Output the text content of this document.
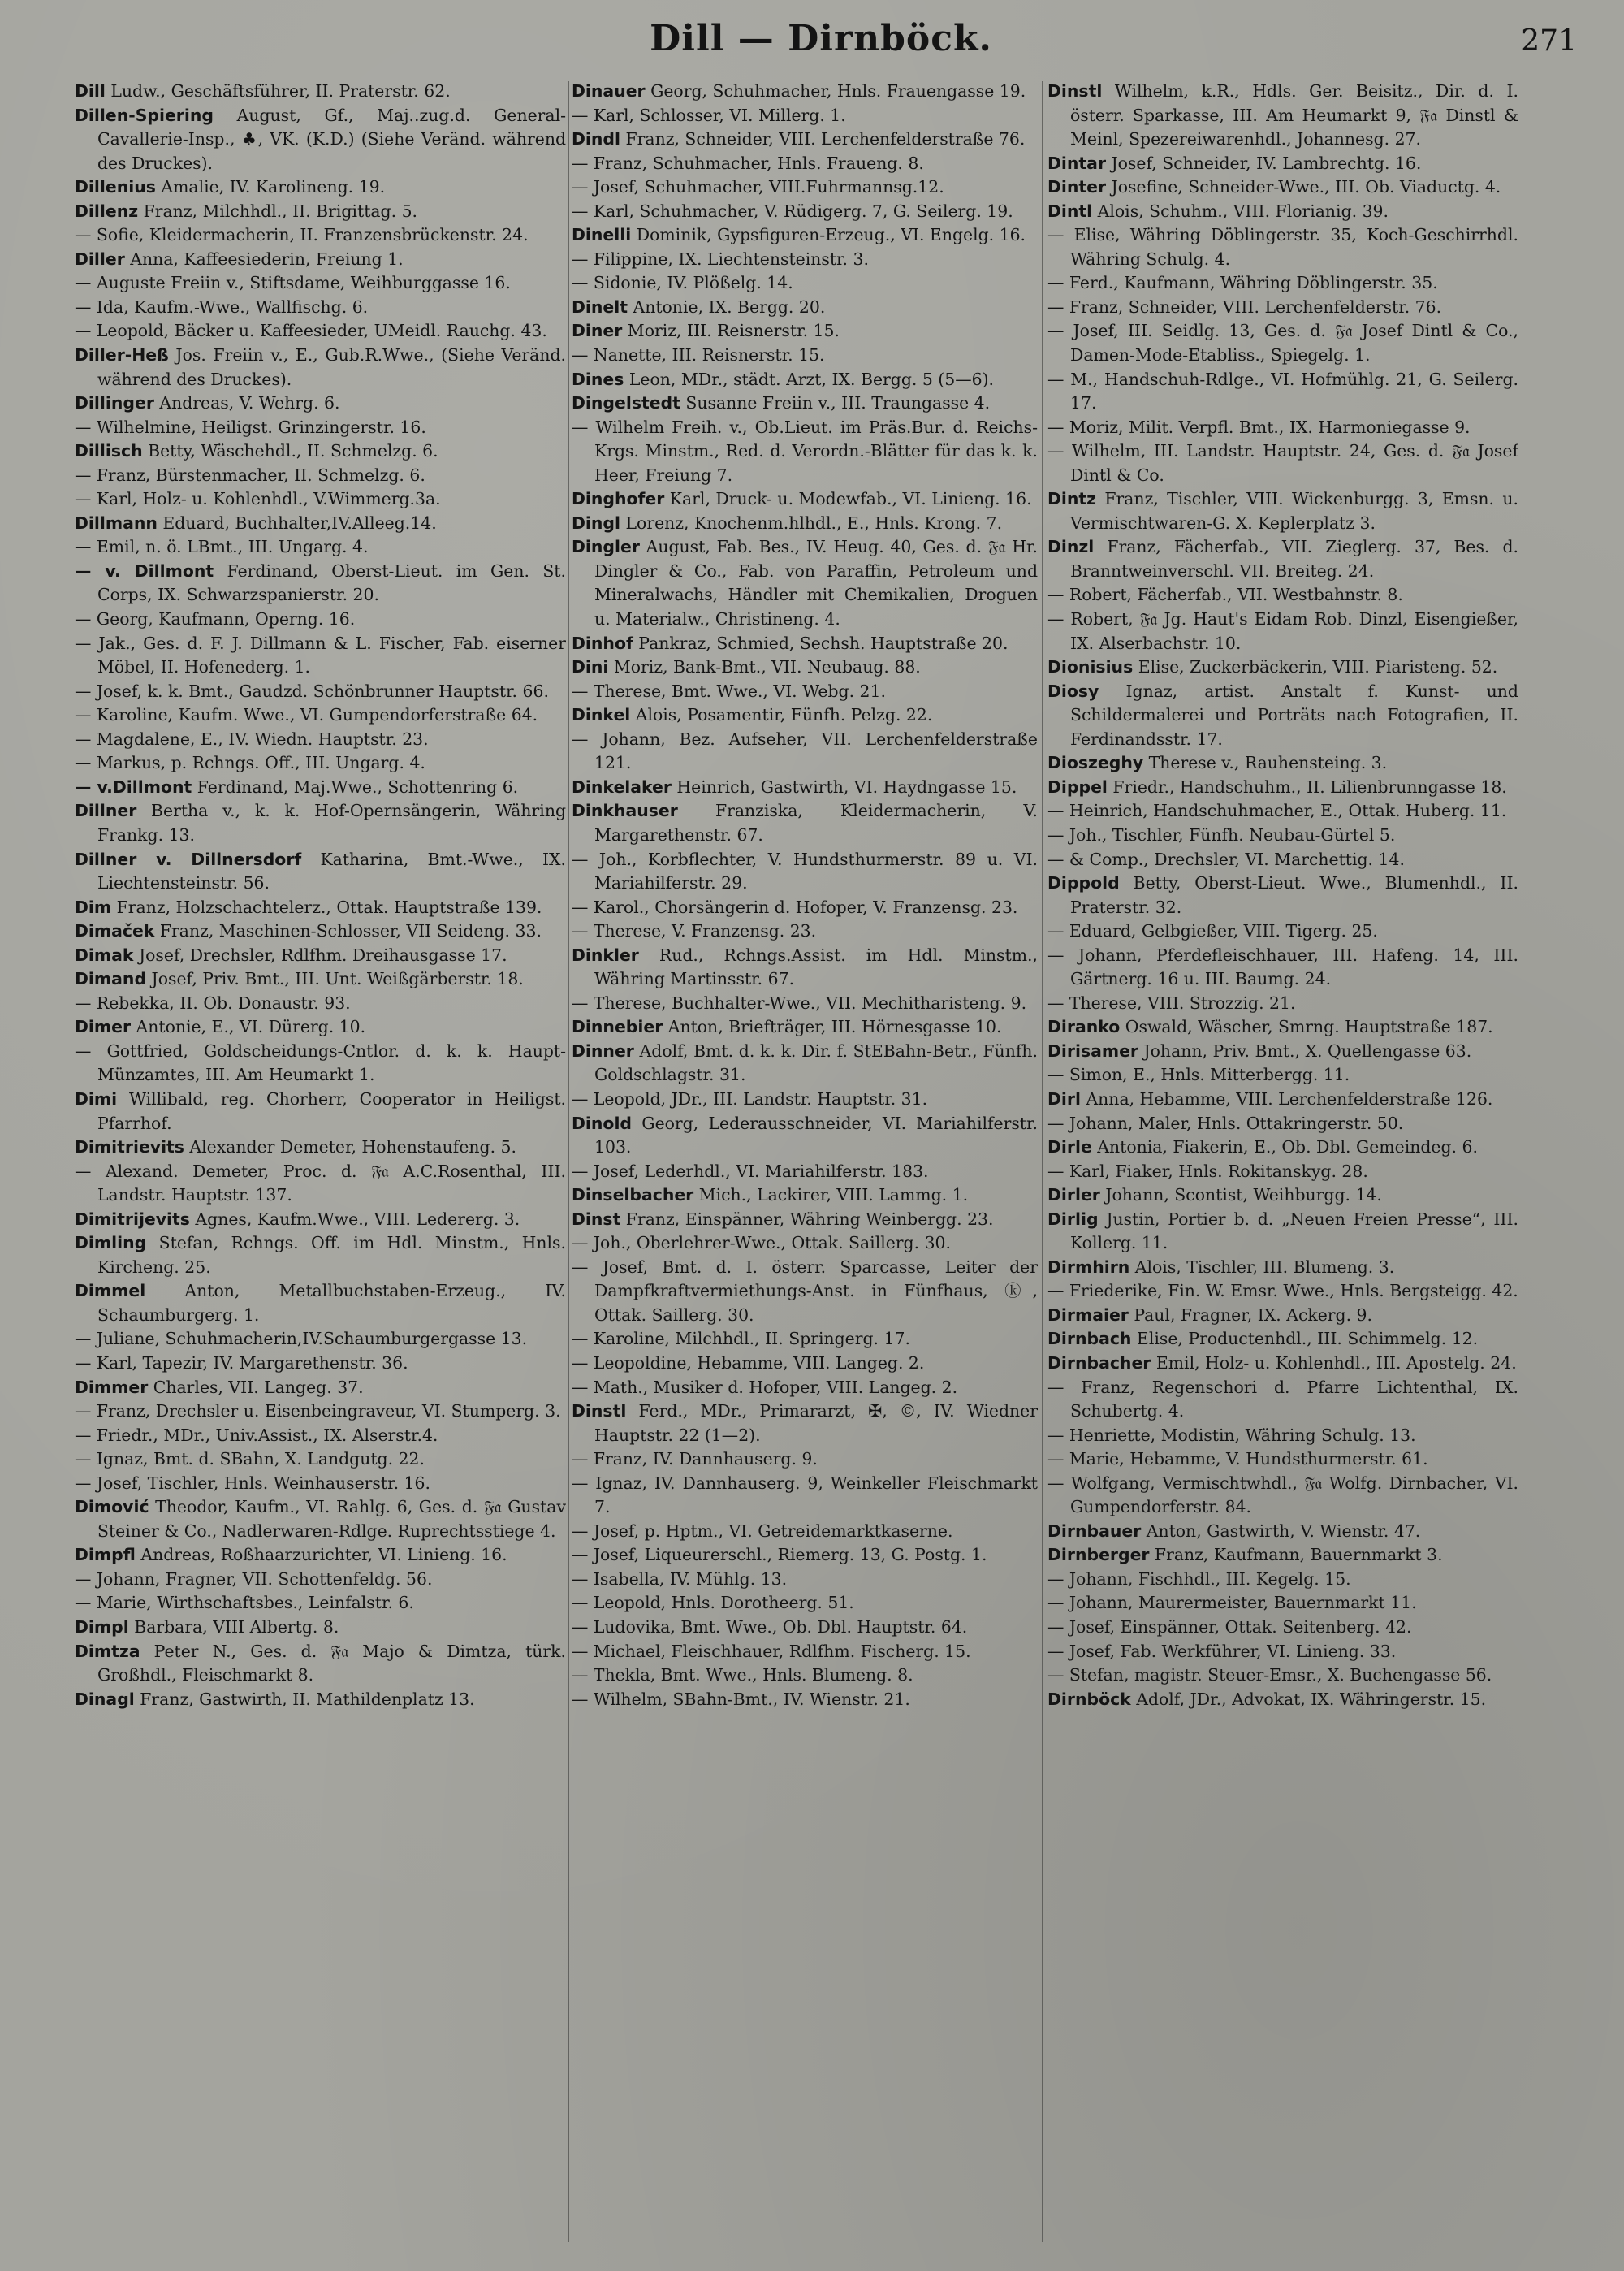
Dill — Dirnböck.	271
Dill Ludw., Geschäftsführer, II. Praterstr. 62.
Dillen-Spiering August, Gf., Maj..zug.d. General-Cavallerie-Insp., ♣, VK. (K.D.) (Siehe Veränd. während des Druckes).
Dillenius Amalie, IV. Karolineng. 19.
Dillenz Franz, Milchhdl., II. Brigittag. 5.
— Sofie, Kleidermacherin, II. Franzensbrückenstr. 24.
Diller Anna, Kaffeesiederin, Freiung 1.
— Auguste Freiin v., Stiftsdame, Weihburggasse 16.
— Ida, Kaufm.-Wwe., Wallfischg. 6.
— Leopold, Bäcker u. Kaffeesieder, UMeidl. Rauchg. 43.
Diller-Heß Jos. Freiin v., E., Gub.R.Wwe., (Siehe Veränd. während des Druckes).
Dillinger Andreas, V. Wehrg. 6.
— Wilhelmine, Heiligst. Grinzingerstr. 16.
Dillisch Betty, Wäschehdl., II. Schmelzg. 6.
— Franz, Bürstenmacher, II. Schmelzg. 6.
— Karl, Holz- u. Kohlenhdl., V.Wimmerg.3a.
Dillmann Eduard, Buchhalter,IV.Alleeg.14.
— Emil, n. ö. LBmt., III. Ungarg. 4.
— v. Dillmont Ferdinand, Oberst-Lieut. im Gen. St. Corps, IX. Schwarzspanierstr. 20.
— Georg, Kaufmann, Operng. 16.
— Jak., Ges. d. F. J. Dillmann & L. Fischer, Fab. eiserner Möbel, II. Hofenederg. 1.
— Josef, k. k. Bmt., Gaudzd. Schönbrunner Hauptstr. 66.
— Karoline, Kaufm. Wwe., VI. Gumpendorferstraße 64.
— Magdalene, E., IV. Wiedn. Hauptstr. 23.
— Markus, p. Rchngs. Off., III. Ungarg. 4.
— v.Dillmont Ferdinand, Maj.Wwe., Schottenring 6.
Dillner Bertha v., k. k. Hof-Opernsängerin, Währing Frankg. 13.
Dillner v. Dillnersdorf Katharina, Bmt.-Wwe., IX. Liechtensteinstr. 56.
Dim Franz, Holzschachtelerz., Ottak. Hauptstraße 139.
Dimaček Franz, Maschinen-Schlosser, VII Seideng. 33.
Dimak Josef, Drechsler, Rdlfhm. Dreihausgasse 17.
Dimand Josef, Priv. Bmt., III. Unt. Weißgärberstr. 18.
— Rebekka, II. Ob. Donaustr. 93.
Dimer Antonie, E., VI. Dürerg. 10.
— Gottfried, Goldscheidungs-Cntlor. d. k. k. Haupt-Münzamtes, III. Am Heumarkt 1.
Dimi Willibald, reg. Chorherr, Cooperator in Heiligst. Pfarrhof.
Dimitrievits Alexander Demeter, Hohenstaufeng. 5.
— Alexand. Demeter, Proc. d. 𝔉𝔞 A.C.Rosenthal, III. Landstr. Hauptstr. 137.
Dimitrijevits Agnes, Kaufm.Wwe., VIII. Ledererg. 3.
Dimling Stefan, Rchngs. Off. im Hdl. Minstm., Hnls. Kircheng. 25.
Dimmel Anton, Metallbuchstaben-Erzeug., IV. Schaumburgerg. 1.
— Juliane, Schuhmacherin,IV.Schaumburgergasse 13.
— Karl, Tapezir, IV. Margarethenstr. 36.
Dimmer Charles, VII. Langeg. 37.
— Franz, Drechsler u. Eisenbeingraveur, VI. Stumperg. 3.
— Friedr., MDr., Univ.Assist., IX. Alserstr.4.
— Ignaz, Bmt. d. SBahn, X. Landgutg. 22.
— Josef, Tischler, Hnls. Weinhauserstr. 16.
Dimović Theodor, Kaufm., VI. Rahlg. 6, Ges. d. 𝔉𝔞 Gustav Steiner & Co., Nadlerwaren-Rdlge. Ruprechtsstiege 4.
Dimpfl Andreas, Roßhaarzurichter, VI. Linieng. 16.
— Johann, Fragner, VII. Schottenfeldg. 56.
— Marie, Wirthschaftsbes., Leinfalstr. 6.
Dimpl Barbara, VIII Albertg. 8.
Dimtza Peter N., Ges. d. 𝔉𝔞 Majo & Dimtza, türk. Großhdl., Fleischmarkt 8.
Dinagl Franz, Gastwirth, II. Mathildenplatz 13.
Dinauer Georg, Schuhmacher, Hnls. Frauengasse 19.
— Karl, Schlosser, VI. Millerg. 1.
Dindl Franz, Schneider, VIII. Lerchenfelderstraße 76.
— Franz, Schuhmacher, Hnls. Fraueng. 8.
— Josef, Schuhmacher, VIII.Fuhrmannsg.12.
— Karl, Schuhmacher, V. Rüdigerg. 7, G. Seilerg. 19.
Dinelli Dominik, Gypsfiguren-Erzeug., VI. Engelg. 16.
— Filippine, IX. Liechtensteinstr. 3.
— Sidonie, IV. Plößelg. 14.
Dinelt Antonie, IX. Bergg. 20.
Diner Moriz, III. Reisnerstr. 15.
— Nanette, III. Reisnerstr. 15.
Dines Leon, MDr., städt. Arzt, IX. Bergg. 5 (5—6).
Dingelstedt Susanne Freiin v., III. Traungasse 4.
— Wilhelm Freih. v., Ob.Lieut. im Präs.Bur. d. Reichs-Krgs. Minstm., Red. d. Verordn.-Blätter für das k. k. Heer, Freiung 7.
Dinghofer Karl, Druck- u. Modewfab., VI. Linieng. 16.
Dingl Lorenz, Knochenm.hlhdl., E., Hnls. Krong. 7.
Dingler August, Fab. Bes., IV. Heug. 40, Ges. d. 𝔉𝔞 Hr. Dingler & Co., Fab. von Paraffin, Petroleum und Mineralwachs, Händler mit Chemikalien, Droguen u. Materialw., Christineng. 4.
Dinhof Pankraz, Schmied, Sechsh. Hauptstraße 20.
Dini Moriz, Bank-Bmt., VII. Neubaug. 88.
— Therese, Bmt. Wwe., VI. Webg. 21.
Dinkel Alois, Posamentir, Fünfh. Pelzg. 22.
— Johann, Bez. Aufseher, VII. Lerchenfelderstraße 121.
Dinkelaker Heinrich, Gastwirth, VI. Haydngasse 15.
Dinkhauser Franziska, Kleidermacherin, V. Margarethenstr. 67.
— Joh., Korbflechter, V. Hundsthurmerstr. 89 u. VI. Mariahilferstr. 29.
— Karol., Chorsängerin d. Hofoper, V. Franzensg. 23.
— Therese, V. Franzensg. 23.
Dinkler Rud., Rchngs.Assist. im Hdl. Minstm., Währing Martinsstr. 67.
— Therese, Buchhalter-Wwe., VII. Mechitharisteng. 9.
Dinnebier Anton, Briefträger, III. Hörnesgasse 10.
Dinner Adolf, Bmt. d. k. k. Dir. f. StEBahn-Betr., Fünfh. Goldschlagstr. 31.
— Leopold, JDr., III. Landstr. Hauptstr. 31.
Dinold Georg, Lederausschneider, VI. Mariahilferstr. 103.
— Josef, Lederhdl., VI. Mariahilferstr. 183.
Dinselbacher Mich., Lackirer, VIII. Lammg. 1.
Dinst Franz, Einspänner, Währing Weinbergg. 23.
— Joh., Oberlehrer-Wwe., Ottak. Saillerg. 30.
— Josef, Bmt. d. I. österr. Sparcasse, Leiter der Dampfkraftvermiethungs-Anst. in Fünfhaus, ⓚ, Ottak. Saillerg. 30.
— Karoline, Milchhdl., II. Springerg. 17.
— Leopoldine, Hebamme, VIII. Langeg. 2.
— Math., Musiker d. Hofoper, VIII. Langeg. 2.
Dinstl Ferd., MDr., Primararzt, ✠, ©, IV. Wiedner Hauptstr. 22 (1—2).
— Franz, IV. Dannhauserg. 9.
— Ignaz, IV. Dannhauserg. 9, Weinkeller Fleischmarkt 7.
— Josef, p. Hptm., VI. Getreidemarktkaserne.
— Josef, Liqueurerschl., Riemerg. 13, G. Postg. 1.
— Isabella, IV. Mühlg. 13.
— Leopold, Hnls. Dorotheerg. 51.
— Ludovika, Bmt. Wwe., Ob. Dbl. Hauptstr. 64.
— Michael, Fleischhauer, Rdlfhm. Fischerg. 15.
— Thekla, Bmt. Wwe., Hnls. Blumeng. 8.
— Wilhelm, SBahn-Bmt., IV. Wienstr. 21.
Dinstl Wilhelm, k.R., Hdls. Ger. Beisitz., Dir. d. I. österr. Sparkasse, III. Am Heumarkt 9, 𝔉𝔞 Dinstl & Meinl, Spezereiwarenhdl., Johannesg. 27.
Dintar Josef, Schneider, IV. Lambrechtg. 16.
Dinter Josefine, Schneider-Wwe., III. Ob. Viaductg. 4.
Dintl Alois, Schuhm., VIII. Florianig. 39.
— Elise, Währing Döblingerstr. 35, Koch-Geschirrhdl. Währing Schulg. 4.
— Ferd., Kaufmann, Währing Döblingerstr. 35.
— Franz, Schneider, VIII. Lerchenfelderstr. 76.
— Josef, III. Seidlg. 13, Ges. d. 𝔉𝔞 Josef Dintl & Co., Damen-Mode-Etabliss., Spiegelg. 1.
— M., Handschuh-Rdlge., VI. Hofmühlg. 21, G. Seilerg. 17.
— Moriz, Milit. Verpfl. Bmt., IX. Harmoniegasse 9.
— Wilhelm, III. Landstr. Hauptstr. 24, Ges. d. 𝔉𝔞 Josef Dintl & Co.
Dintz Franz, Tischler, VIII. Wickenburgg. 3, Emsn. u. Vermischtwaren-G. X. Keplerplatz 3.
Dinzl Franz, Fächerfab., VII. Zieglerg. 37, Bes. d. Branntweinverschl. VII. Breiteg. 24.
— Robert, Fächerfab., VII. Westbahnstr. 8.
— Robert, 𝔉𝔞 Jg. Haut's Eidam Rob. Dinzl, Eisengießer, IX. Alserbachstr. 10.
Dionisius Elise, Zuckerbäckerin, VIII. Piaristeng. 52.
Diosy Ignaz, artist. Anstalt f. Kunst- und Schildermalerei und Porträts nach Fotografien, II. Ferdinandsstr. 17.
Dioszeghy Therese v., Rauhensteing. 3.
Dippel Friedr., Handschuhm., II. Lilienbrunngasse 18.
— Heinrich, Handschuhmacher, E., Ottak. Huberg. 11.
— Joh., Tischler, Fünfh. Neubau-Gürtel 5.
— & Comp., Drechsler, VI. Marchettig. 14.
Dippold Betty, Oberst-Lieut. Wwe., Blumenhdl., II. Praterstr. 32.
— Eduard, Gelbgießer, VIII. Tigerg. 25.
— Johann, Pferdefleischhauer, III. Hafeng. 14, III. Gärtnerg. 16 u. III. Baumg. 24.
— Therese, VIII. Strozzig. 21.
Diranko Oswald, Wäscher, Smrng. Hauptstraße 187.
Dirisamer Johann, Priv. Bmt., X. Quellengasse 63.
— Simon, E., Hnls. Mitterbergg. 11.
Dirl Anna, Hebamme, VIII. Lerchenfelderstraße 126.
— Johann, Maler, Hnls. Ottakringerstr. 50.
Dirle Antonia, Fiakerin, E., Ob. Dbl. Gemeindeg. 6.
— Karl, Fiaker, Hnls. Rokitanskyg. 28.
Dirler Johann, Scontist, Weihburgg. 14.
Dirlig Justin, Portier b. d. „Neuen Freien Presse“, III. Kollerg. 11.
Dirmhirn Alois, Tischler, III. Blumeng. 3.
— Friederike, Fin. W. Emsr. Wwe., Hnls. Bergsteigg. 42.
Dirmaier Paul, Fragner, IX. Ackerg. 9.
Dirnbach Elise, Productenhdl., III. Schimmelg. 12.
Dirnbacher Emil, Holz- u. Kohlenhdl., III. Apostelg. 24.
— Franz, Regenschori d. Pfarre Lichtenthal, IX. Schubertg. 4.
— Henriette, Modistin, Währing Schulg. 13.
— Marie, Hebamme, V. Hundsthurmerstr. 61.
— Wolfgang, Vermischtwhdl., 𝔉𝔞 Wolfg. Dirnbacher, VI. Gumpendorferstr. 84.
Dirnbauer Anton, Gastwirth, V. Wienstr. 47.
Dirnberger Franz, Kaufmann, Bauernmarkt 3.
— Johann, Fischhdl., III. Kegelg. 15.
— Johann, Maurermeister, Bauernmarkt 11.
— Josef, Einspänner, Ottak. Seitenberg. 42.
— Josef, Fab. Werkführer, VI. Linieng. 33.
— Stefan, magistr. Steuer-Emsr., X. Buchengasse 56.
Dirnböck Adolf, JDr., Advokat, IX. Währingerstr. 15.
